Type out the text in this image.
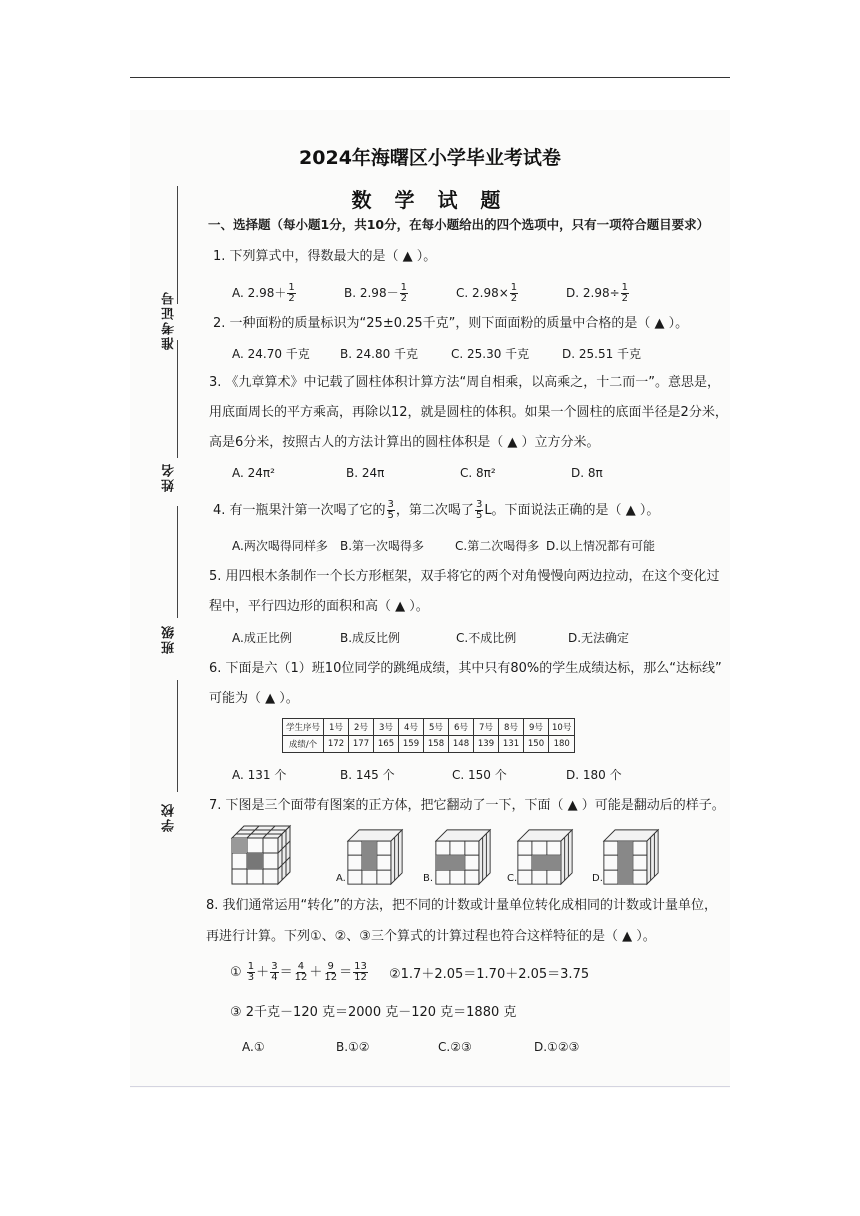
2024年海曙区小学毕业考试卷
数 学 试 题
准考证号
姓名
班级
学校
一、选择题（每小题1分，共10分，在每小题给出的四个选项中，只有一项符合题目要求）
1. 下列算式中，得数最大的是（ ▲ ）。
A. $2.98+ \frac{1}{2}$	B. $2.98- \frac{1}{2}$	C. $2.98\times \frac{1}{2}$	D. $2.98\div \frac{1}{2}$
2. 一种面粉的质量标识为“25±0.25千克”，则下面面粉的质量中合格的是（ ▲ ）。
A. 24.70 千克	B. 24.80 千克	C. 25.30 千克	D. 25.51 千克
3. 《九章算术》中记载了圆柱体积计算方法“周自相乘，以高乘之，十二而一”。意思是，
用底面周长的平方乘高，再除以12，就是圆柱的体积。如果一个圆柱的底面半径是2分米，
高是6分米，按照古人的方法计算出的圆柱体积是（ ▲ ）立方分米。
A. 24π²	B. 24π	C. 8π²	D. 8π
4. 有一瓶果汁第一次喝了它的 $\frac{3}{5}$ ，第二次喝了 $\frac{3}{5}$ L。下面说法正确的是（ ▲ ）。
A.两次喝得同样多 B.第一次喝得多	C.第二次喝得多 D.以上情况都有可能
5. 用四根木条制作一个长方形框架，双手将它的两个对角慢慢向两边拉动，在这个变化过
程中，平行四边形的面积和高（ ▲ ）。
A.成正比例	B.成反比例	C.不成比例	D.无法确定
6. 下面是六（1）班10位同学的跳绳成绩，其中只有80%的学生成绩达标，那么“达标线”
可能为（ ▲ ）。
学生序号	1号	2号	3号	4号	5号	6号	7号	8号	9号	10号
成绩/个	172	177	165	159	158	148	139	131	150	180
A. 131 个	B. 145 个	C. 150 个	D. 180 个
7. 下图是三个面带有图案的正方体，把它翻动了一下，下面（ ▲ ）可能是翻动后的样子。
A.	B.	C.	D.
8. 我们通常运用“转化”的方法，把不同的计数或计量单位转化成相同的计数或计量单位，
再进行计算。下列①、②、③三个算式的计算过程也符合这样特征的是（ ▲ ）。
① $\frac{1}{3} + \frac{3}{4} = \frac{4}{12} + \frac{9}{12} = \frac{13}{12}$ ②1.7＋2.05＝1.70＋2.05＝3.75
③ 2千克－120 克＝2000 克－120 克＝1880 克
A.①	B.①②	C.②③	D.①②③
